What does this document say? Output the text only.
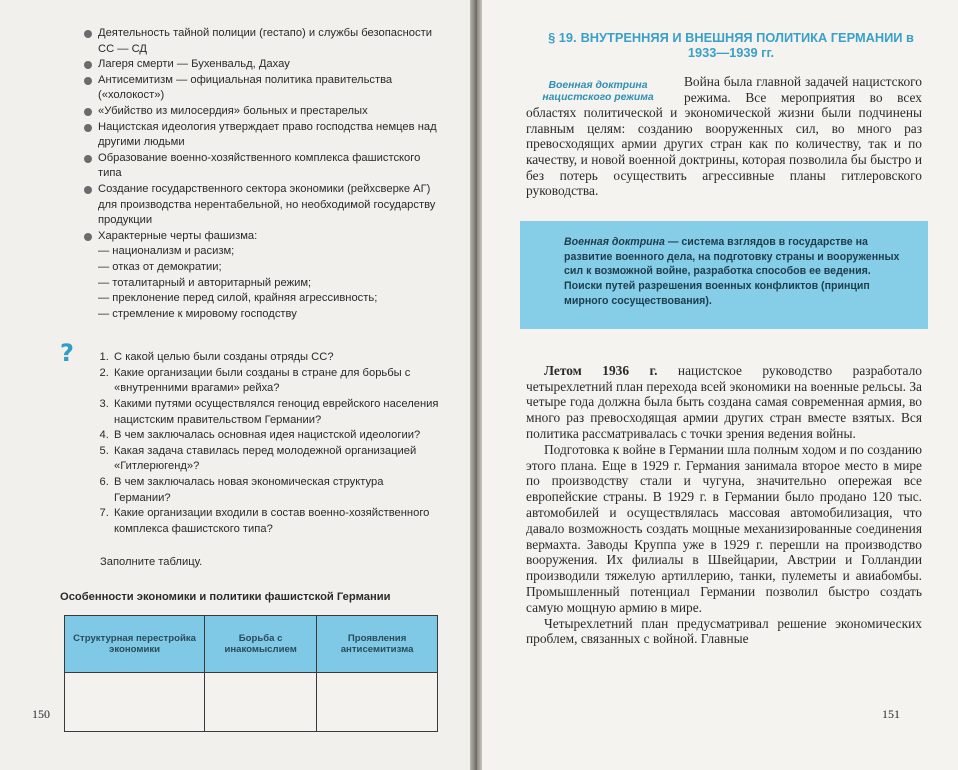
Деятельность тайной полиции (гестапо) и службы безопасности СС — СД
Лагеря смерти — Бухенвальд, Дахау
Антисемитизм — официальная политика правительства («холокост»)
«Убийство из милосердия» больных и престарелых
Нацистская идеология утверждает право господства немцев над другими людьми
Образование военно-хозяйственного комплекса фашистского типа
Создание государственного сектора экономики (рейхсверке АГ) для производства нерентабельной, но необходимой государству продукции
Характерные черты фашизма:
— национализм и расизм;
— отказ от демократии;
— тоталитарный и авторитарный режим;
— преклонение перед силой, крайняя агрессивность;
— стремление к мировому господству
?	1. С какой целью были созданы отряды СС?
2. Какие организации были созданы в стране для борьбы с «внутренними врагами» рейха?
3. Какими путями осуществлялся геноцид еврейского населения нацистским правительством Германии?
4. В чем заключалась основная идея нацистской идеологии?
5. Какая задача ставилась перед молодежной организацией «Гитлерюгенд»?
6. В чем заключалась новая экономическая структура Германии?
7. Какие организации входили в состав военно-хозяйственного комплекса фашистского типа?
Заполните таблицу.
Особенности экономики и политики фашистской Германии
Структурная перестройка экономики	Борьба с инакомыслием	Проявления антисемитизма

150
§ 19. ВНУТРЕННЯЯ И ВНЕШНЯЯ ПОЛИТИКА ГЕРМАНИИ в 1933—1939 гг.
Военная доктрина нацистского режима

Война была главной задачей нацистского режима. Все мероприятия во всех областях политической и экономической жизни были подчинены главным целям: созданию вооруженных сил, во много раз превосходящих армии других стран как по количеству, так и по качеству, и новой военной доктрины, которая позволила бы быстро и без потерь осуществить агрессивные планы гитлеровского руководства.

Военная доктрина — система взглядов в государстве на развитие военного дела, на подготовку страны и вооруженных сил к возможной войне, разработка способов ее ведения. Поиски путей разрешения военных конфликтов (принцип мирного сосуществования).

Летом 1936 г. нацистское руководство разработало четырехлетний план перехода всей экономики на военные рельсы. За четыре года должна была быть создана самая современная армия, во много раз превосходящая армии других стран вместе взятых. Вся политика рассматривалась с точки зрения ведения войны.

Подготовка к войне в Германии шла полным ходом и по созданию этого плана. Еще в 1929 г. Германия занимала второе место в мире по производству стали и чугуна, значительно опережая все европейские страны. В 1929 г. в Германии было продано 120 тыс. автомобилей и осуществлялась массовая автомобилизация, что давало возможность создать мощные механизированные соединения вермахта. Заводы Круппа уже в 1929 г. перешли на производство вооружения. Их филиалы в Швейцарии, Австрии и Голландии производили тяжелую артиллерию, танки, пулеметы и авиабомбы. Промышленный потенциал Германии позволил быстро создать самую мощную армию в мире.

Четырехлетний план предусматривал решение экономических проблем, связанных с войной. Главные

151
